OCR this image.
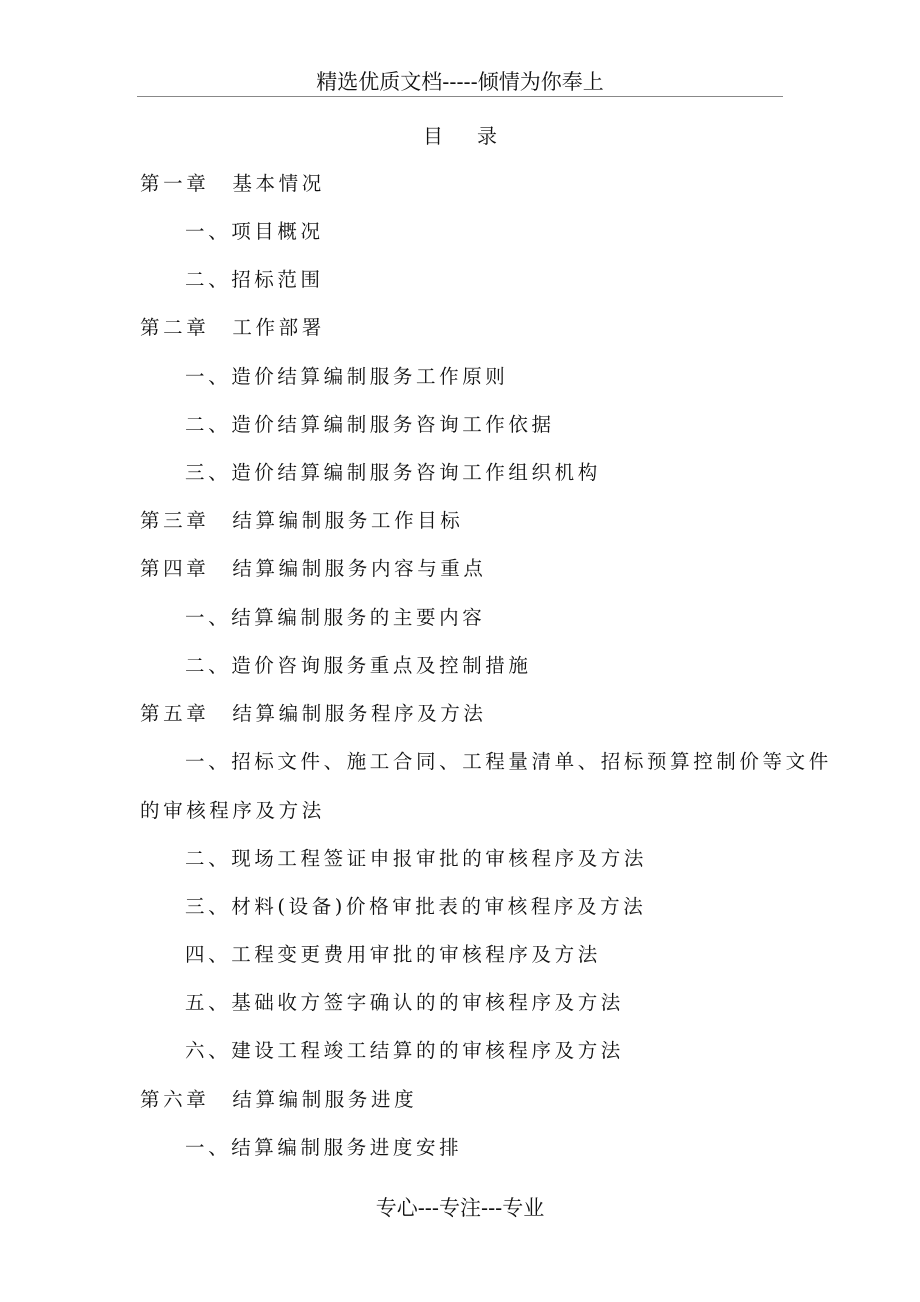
精选优质文档-----倾情为你奉上
目录
第一章　基本情况
一、项目概况
二、招标范围
第二章　工作部署
一、造价结算编制服务工作原则
二、造价结算编制服务咨询工作依据
三、造价结算编制服务咨询工作组织机构
第三章　结算编制服务工作目标
第四章　结算编制服务内容与重点
一、结算编制服务的主要内容
二、造价咨询服务重点及控制措施
第五章　结算编制服务程序及方法
一、招标文件、施工合同、工程量清单、招标预算控制价等文件
的审核程序及方法
二、现场工程签证申报审批的审核程序及方法
三、材料(设备)价格审批表的审核程序及方法
四、工程变更费用审批的审核程序及方法
五、基础收方签字确认的的审核程序及方法
六、建设工程竣工结算的的审核程序及方法
第六章　结算编制服务进度
一、结算编制服务进度安排
专心---专注---专业
